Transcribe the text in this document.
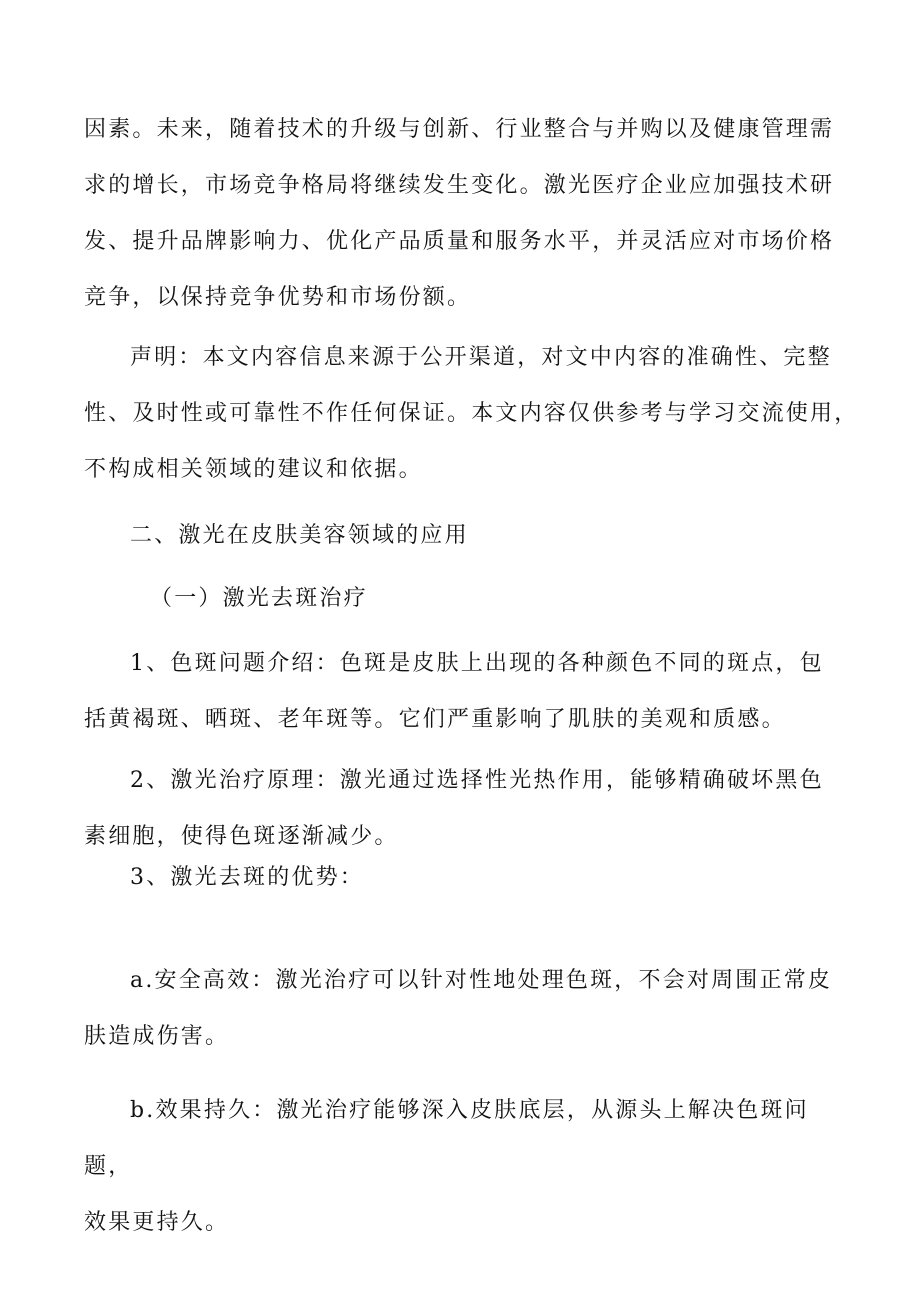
因素。未来，随着技术的升级与创新、行业整合与并购以及健康管理需求的增长，市场竞争格局将继续发生变化。激光医疗企业应加强技术研发、提升品牌影响力、优化产品质量和服务水平，并灵活应对市场价格竞争，以保持竞争优势和市场份额。

声明：本文内容信息来源于公开渠道，对文中内容的准确性、完整性、及时性或可靠性不作任何保证。本文内容仅供参考与学习交流使用，不构成相关领域的建议和依据。

二、激光在皮肤美容领域的应用

（一）激光去斑治疗

1、色斑问题介绍：色斑是皮肤上出现的各种颜色不同的斑点，包括黄褐斑、晒斑、老年斑等。它们严重影响了肌肤的美观和质感。

2、激光治疗原理：激光通过选择性光热作用，能够精确破坏黑色素细胞，使得色斑逐渐减少。

3、激光去斑的优势：

a.安全高效：激光治疗可以针对性地处理色斑，不会对周围正常皮肤造成伤害。

b.效果持久：激光治疗能够深入皮肤底层，从源头上解决色斑问题，
效果更持久。
